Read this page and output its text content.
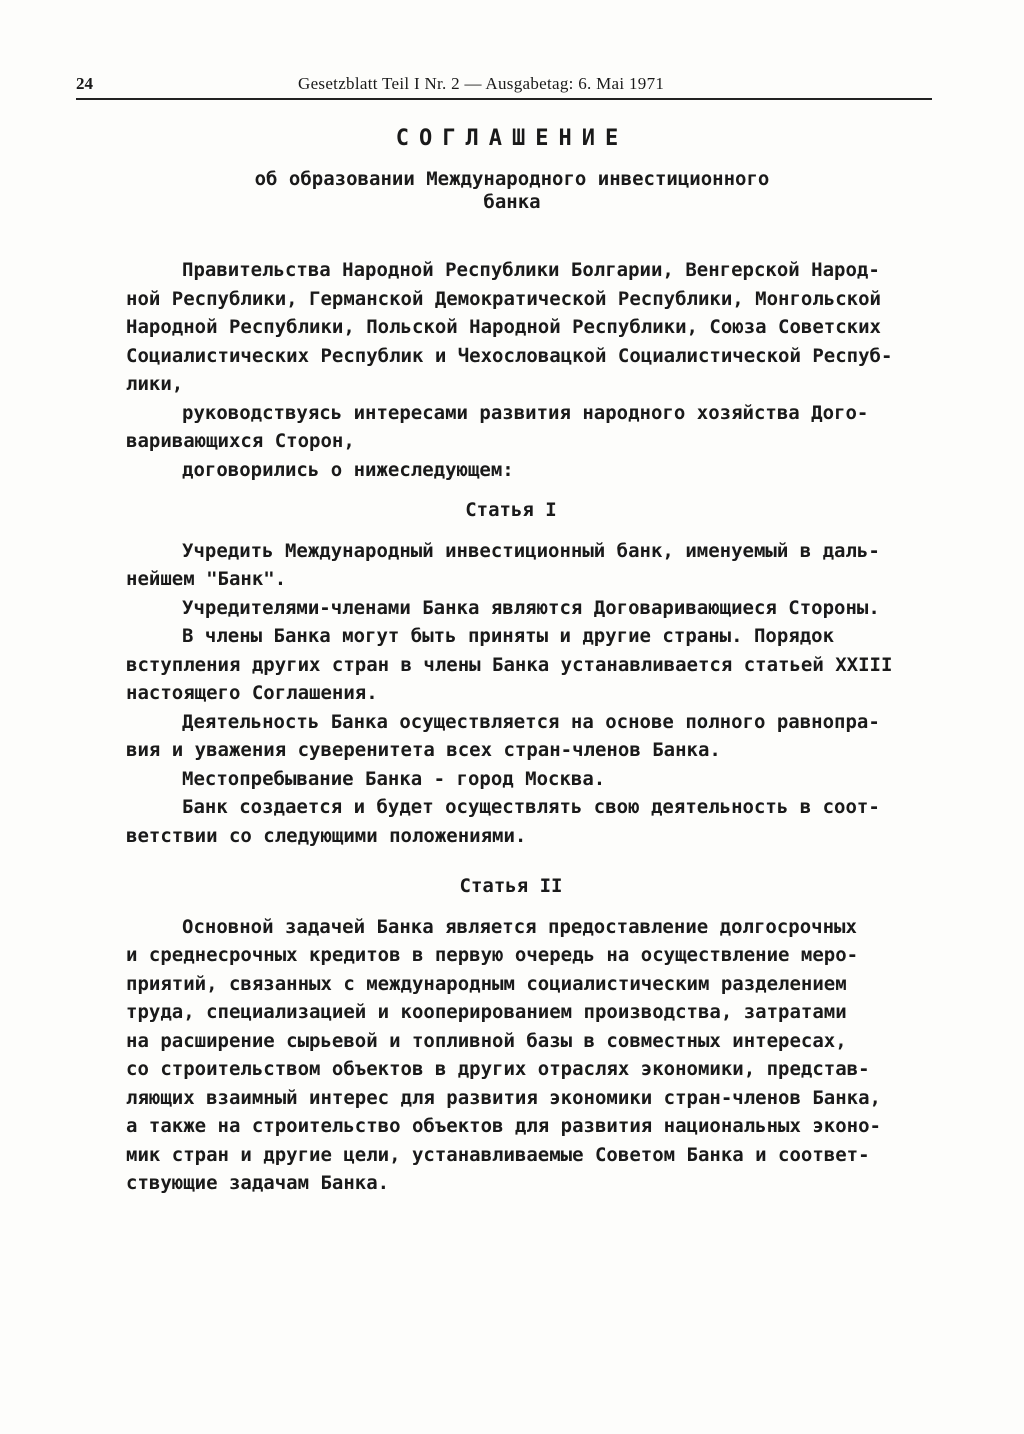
24	Gesetzblatt Teil I Nr. 2 — Ausgabetag: 6. Mai 1971
СОГЛАШЕНИЕ
об образовании Международного инвестиционного
банка
Правительства Народной Республики Болгарии, Венгерской Народ-
ной Республики, Германской Демократической Республики, Монгольской
Народной Республики, Польской Народной Республики, Союза Советских
Социалистических Республик и Чехословацкой Социалистической Респуб-
лики,
руководствуясь интересами развития народного хозяйства Дого-
варивающихся Сторон,
договорились о нижеследующем:
Статья I
Учредить Международный инвестиционный банк, именуемый в даль-
нейшем "Банк".
Учредителями-членами Банка являются Договаривающиеся Стороны.
В члены Банка могут быть приняты и другие страны. Порядок
вступления других стран в члены Банка устанавливается статьей XXIII
настоящего Соглашения.
Деятельность Банка осуществляется на основе полного равнопра-
вия и уважения суверенитета всех стран-членов Банка.
Местопребывание Банка - город Москва.
Банк создается и будет осуществлять свою деятельность в соот-
ветствии со следующими положениями.
Статья II
Основной задачей Банка является предоставление долгосрочных
и среднесрочных кредитов в первую очередь на осуществление меро-
приятий, связанных с международным социалистическим разделением
труда, специализацией и кооперированием производства, затратами
на расширение сырьевой и топливной базы в совместных интересах,
со строительством объектов в других отраслях экономики, представ-
ляющих взаимный интерес для развития экономики стран-членов Банка,
а также на строительство объектов для развития национальных эконо-
мик стран и другие цели, устанавливаемые Советом Банка и соответ-
ствующие задачам Банка.
